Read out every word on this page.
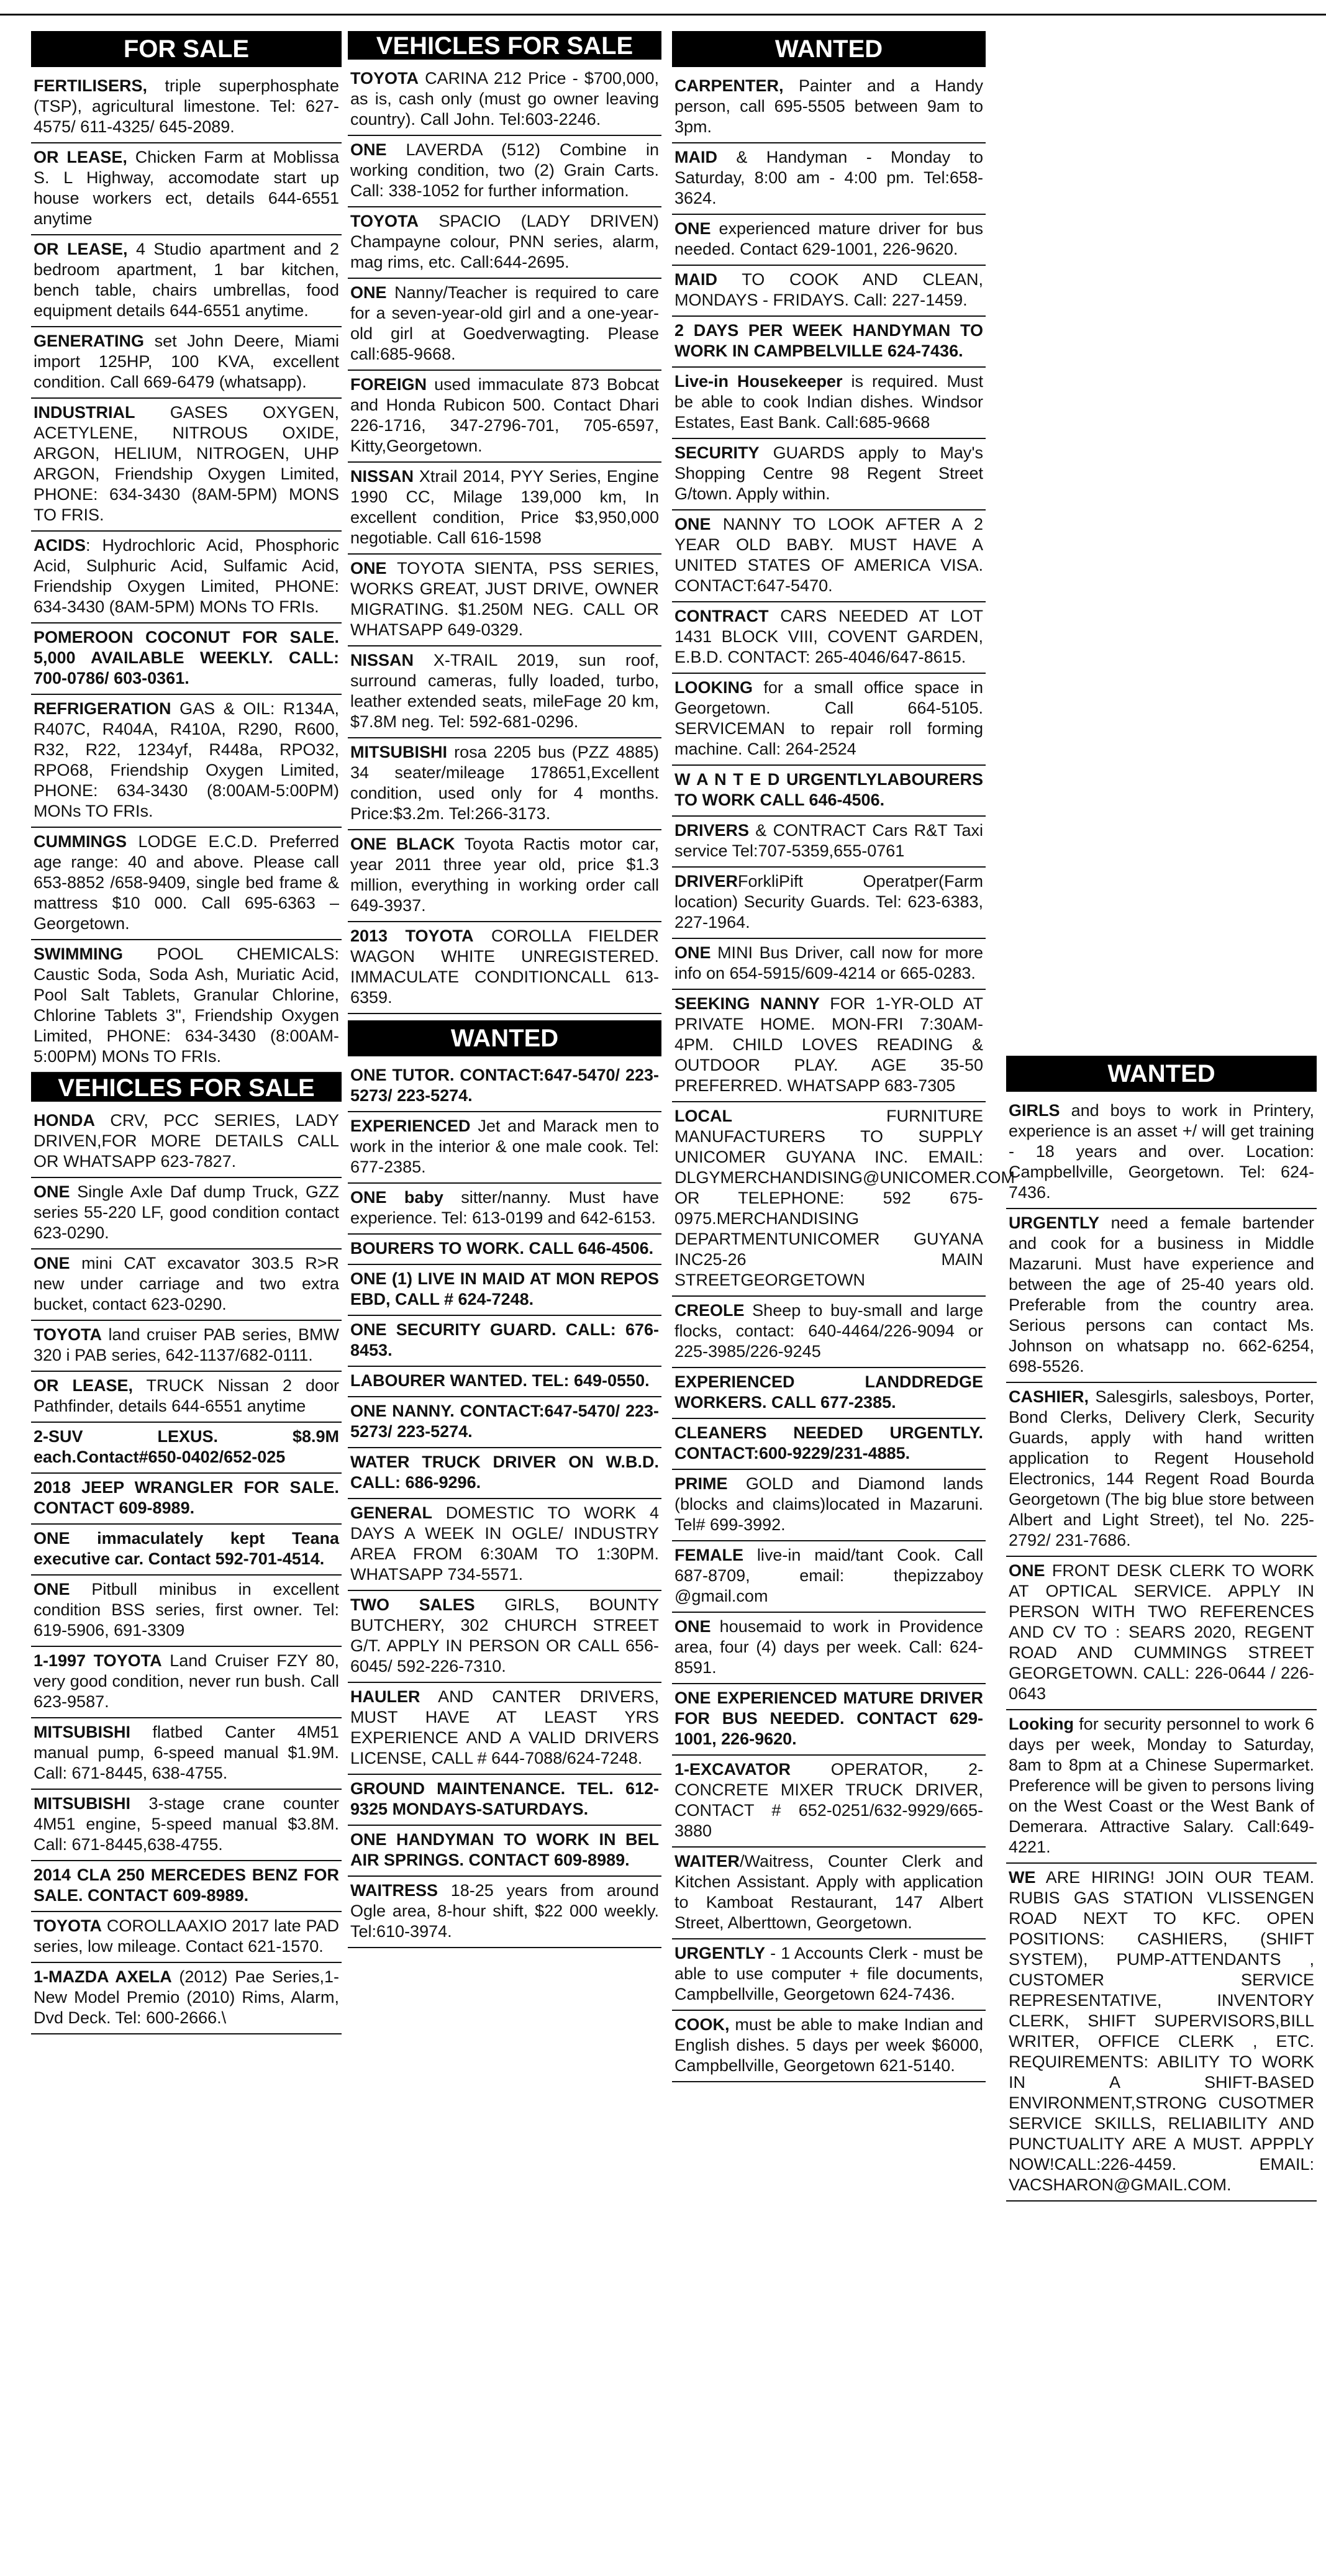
FOR SALE
FERTILISERS, triple superphosphate (TSP), agricultural limestone. Tel: 627-4575/ 611-4325/ 645-2089.
OR LEASE, Chicken Farm at Moblissa S. L Highway, accomodate start up house workers ect, details 644-6551 anytime
OR LEASE, 4 Studio apartment and 2 bedroom apartment, 1 bar kitchen, bench table, chairs umbrellas, food equipment details 644-6551 anytime.
GENERATING set John Deere, Miami import 125HP, 100 KVA, excellent condition. Call 669-6479 (whatsapp).
INDUSTRIAL GASES OXYGEN, ACETYLENE, NITROUS OXIDE, ARGON, HELIUM, NITROGEN, UHP ARGON, Friendship Oxygen Limited, PHONE: 634-3430 (8AM-5PM) MONS TO FRIS.
ACIDS: Hydrochloric Acid, Phosphoric Acid, Sulphuric Acid, Sulfamic Acid, Friendship Oxygen Limited, PHONE: 634-3430 (8AM-5PM) MONs TO FRIs.
POMEROON COCONUT FOR SALE. 5,000 AVAILABLE WEEKLY. CALL: 700-0786/ 603-0361.
REFRIGERATION GAS & OIL: R134A, R407C, R404A, R410A, R290, R600, R32, R22, 1234yf, R448a, RPO32, RPO68, Friendship Oxygen Limited, PHONE: 634-3430 (8:00AM-5:00PM) MONs TO FRIs.
CUMMINGS LODGE E.C.D. Preferred age range: 40 and above. Please call 653-8852 /658-9409, single bed frame & mattress $10 000. Call 695-6363 – Georgetown.
SWIMMING POOL CHEMICALS: Caustic Soda, Soda Ash, Muriatic Acid, Pool Salt Tablets, Granular Chlorine, Chlorine Tablets 3", Friendship Oxygen Limited, PHONE: 634-3430 (8:00AM-5:00PM) MONs TO FRIs.
VEHICLES FOR SALE
HONDA CRV, PCC SERIES, LADY DRIVEN,FOR MORE DETAILS CALL OR WHATSAPP 623-7827.
ONE Single Axle Daf dump Truck, GZZ series 55-220 LF, good condition contact 623-0290.
ONE mini CAT excavator 303.5 R>R new under carriage and two extra bucket, contact 623-0290.
TOYOTA land cruiser PAB series, BMW 320 i PAB series, 642-1137/682-0111.
OR LEASE, TRUCK Nissan 2 door Pathfinder, details 644-6551 anytime
2-SUV LEXUS. $8.9M each.Contact#650-0402/652-025
2018 JEEP WRANGLER FOR SALE. CONTACT 609-8989.
ONE immaculately kept Teana executive car. Contact 592-701-4514.
ONE Pitbull minibus in excellent condition BSS series, first owner. Tel: 619-5906, 691-3309
1-1997 TOYOTA Land Cruiser FZY 80, very good condition, never run bush. Call 623-9587.
MITSUBISHI flatbed Canter 4M51 manual pump, 6-speed manual $1.9M. Call: 671-8445, 638-4755.
MITSUBISHI 3-stage crane counter 4M51 engine, 5-speed manual $3.8M. Call: 671-8445,638-4755.
2014 CLA 250 MERCEDES BENZ FOR SALE. CONTACT 609-8989.
TOYOTA COROLLAAXIO 2017 late PAD series, low mileage. Contact 621-1570.
1-MAZDA AXELA (2012) Pae Series,1- New Model Premio (2010) Rims, Alarm, Dvd Deck. Tel: 600-2666.\
VEHICLES FOR SALE
TOYOTA CARINA 212 Price - $700,000, as is, cash only (must go owner leaving country). Call John. Tel:603-2246.
ONE LAVERDA (512) Combine in working condition, two (2) Grain Carts. Call: 338-1052 for further information.
TOYOTA SPACIO (LADY DRIVEN) Champayne colour, PNN series, alarm, mag rims, etc. Call:644-2695.
ONE Nanny/Teacher is required to care for a seven-year-old girl and a one-year-old girl at Goedverwagting. Please call:685-9668.
FOREIGN used immaculate 873 Bobcat and Honda Rubicon 500. Contact Dhari 226-1716, 347-2796-701, 705-6597, Kitty,Georgetown.
NISSAN Xtrail 2014, PYY Series, Engine 1990 CC, Milage 139,000 km, In excellent condition, Price $3,950,000 negotiable. Call 616-1598
ONE TOYOTA SIENTA, PSS SERIES, WORKS GREAT, JUST DRIVE, OWNER MIGRATING. $1.250M NEG. CALL OR WHATSAPP 649-0329.
NISSAN X-TRAIL 2019, sun roof, surround cameras, fully loaded, turbo, leather extended seats, mileFage 20 km, $7.8M neg. Tel: 592-681-0296.
MITSUBISHI rosa 2205 bus (PZZ 4885) 34 seater/mileage 178651,Excellent condition, used only for 4 months. Price:$3.2m. Tel:266-3173.
ONE BLACK Toyota Ractis motor car, year 2011 three year old, price $1.3 million, everything in working order call 649-3937.
2013 TOYOTA COROLLA FIELDER WAGON WHITE UNREGISTERED. IMMACULATE CONDITIONCALL 613-6359.
WANTED
ONE TUTOR. CONTACT:647-5470/ 223-5273/ 223-5274.
EXPERIENCED Jet and Marack men to work in the interior & one male cook. Tel: 677-2385.
ONE baby sitter/nanny. Must have experience. Tel: 613-0199 and 642-6153.
BOURERS TO WORK. CALL 646-4506.
ONE (1) LIVE IN MAID AT MON REPOS EBD, CALL # 624-7248.
ONE SECURITY GUARD. CALL: 676-8453.
LABOURER WANTED. TEL: 649-0550.
ONE NANNY. CONTACT:647-5470/ 223-5273/ 223-5274.
WATER TRUCK DRIVER ON W.B.D. CALL: 686-9296.
GENERAL DOMESTIC TO WORK 4 DAYS A WEEK IN OGLE/ INDUSTRY AREA FROM 6:30AM TO 1:30PM. WHATSAPP 734-5571.
TWO SALES GIRLS, BOUNTY BUTCHERY, 302 CHURCH STREET G/T. APPLY IN PERSON OR CALL 656-6045/ 592-226-7310.
HAULER AND CANTER DRIVERS, MUST HAVE AT LEAST YRS EXPERIENCE AND A VALID DRIVERS LICENSE, CALL # 644-7088/624-7248.
GROUND MAINTENANCE. TEL. 612-9325 MONDAYS-SATURDAYS.
ONE HANDYMAN TO WORK IN BEL AIR SPRINGS. CONTACT 609-8989.
WAITRESS 18-25 years from around Ogle area, 8-hour shift, $22 000 weekly. Tel:610-3974.
WANTED
CARPENTER, Painter and a Handy person, call 695-5505 between 9am to 3pm.
MAID & Handyman - Monday to Saturday, 8:00 am - 4:00 pm. Tel:658-3624.
ONE experienced mature driver for bus needed. Contact 629-1001, 226-9620.
MAID TO COOK AND CLEAN, MONDAYS - FRIDAYS. Call: 227-1459.
2 DAYS PER WEEK HANDYMAN TO WORK IN CAMPBELVILLE 624-7436.
Live-in Housekeeper is required. Must be able to cook Indian dishes. Windsor Estates, East Bank. Call:685-9668
SECURITY GUARDS apply to May's Shopping Centre 98 Regent Street G/town. Apply within.
ONE NANNY TO LOOK AFTER A 2 YEAR OLD BABY. MUST HAVE A UNITED STATES OF AMERICA VISA. CONTACT:647-5470.
CONTRACT CARS NEEDED AT LOT 1431 BLOCK VIII, COVENT GARDEN, E.B.D. CONTACT: 265-4046/647-8615.
LOOKING for a small office space in Georgetown. Call 664-5105. SERVICEMAN to repair roll forming machine. Call: 264-2524
W A N T E D URGENTLYLABOURERS TO WORK CALL 646-4506.
DRIVERS & CONTRACT Cars R&T Taxi service Tel:707-5359,655-0761
DRIVERForkliPift Operatper(Farm location) Security Guards. Tel: 623-6383, 227-1964.
ONE MINI Bus Driver, call now for more info on 654-5915/609-4214 or 665-0283.
SEEKING NANNY FOR 1-YR-OLD AT PRIVATE HOME. MON-FRI 7:30AM-4PM. CHILD LOVES READING & OUTDOOR PLAY. AGE 35-50 PREFERRED. WHATSAPP 683-7305
LOCAL FURNITURE MANUFACTURERS TO SUPPLY UNICOMER GUYANA INC. EMAIL: DLGYMERCHANDISING@UNICOMER.COM OR TELEPHONE: 592 675-0975.MERCHANDISING DEPARTMENTUNICOMER GUYANA INC25-26 MAIN STREETGEORGETOWN
CREOLE Sheep to buy-small and large flocks, contact: 640-4464/226-9094 or 225-3985/226-9245
EXPERIENCED LANDDREDGE WORKERS. CALL 677-2385.
CLEANERS NEEDED URGENTLY. CONTACT:600-9229/231-4885.
PRIME GOLD and Diamond lands (blocks and claims)located in Mazaruni. Tel# 699-3992.
FEMALE live-in maid/tant Cook. Call 687-8709, email: thepizzaboy @gmail.com
ONE housemaid to work in Providence area, four (4) days per week. Call: 624-8591.
ONE EXPERIENCED MATURE DRIVER FOR BUS NEEDED. CONTACT 629-1001, 226-9620.
1-EXCAVATOR OPERATOR, 2- CONCRETE MIXER TRUCK DRIVER, CONTACT # 652-0251/632-9929/665-3880
WAITER/Waitress, Counter Clerk and Kitchen Assistant. Apply with application to Kamboat Restaurant, 147 Albert Street, Alberttown, Georgetown.
URGENTLY - 1 Accounts Clerk - must be able to use computer + file documents, Campbellville, Georgetown 624-7436.
COOK, must be able to make Indian and English dishes. 5 days per week $6000, Campbellville, Georgetown 621-5140.
WANTED
GIRLS and boys to work in Printery, experience is an asset +/ will get training - 18 years and over. Location: Campbellville, Georgetown. Tel: 624-7436.
URGENTLY need a female bartender and cook for a business in Middle Mazaruni. Must have experience and between the age of 25-40 years old. Preferable from the country area. Serious persons can contact Ms. Johnson on whatsapp no. 662-6254, 698-5526.
CASHIER, Salesgirls, salesboys, Porter, Bond Clerks, Delivery Clerk, Security Guards, apply with hand written application to Regent Household Electronics, 144 Regent Road Bourda Georgetown (The big blue store between Albert and Light Street), tel No. 225-2792/ 231-7686.
ONE FRONT DESK CLERK TO WORK AT OPTICAL SERVICE. APPLY IN PERSON WITH TWO REFERENCES AND CV TO : SEARS 2020, REGENT ROAD AND CUMMINGS STREET GEORGETOWN. CALL: 226-0644 / 226-0643
Looking for security personnel to work 6 days per week, Monday to Saturday, 8am to 8pm at a Chinese Supermarket. Preference will be given to persons living on the West Coast or the West Bank of Demerara. Attractive Salary. Call:649-4221.
WE ARE HIRING! JOIN OUR TEAM. RUBIS GAS STATION VLISSENGEN ROAD NEXT TO KFC. OPEN POSITIONS: CASHIERS, (SHIFT SYSTEM), PUMP-ATTENDANTS , CUSTOMER SERVICE REPRESENTATIVE, INVENTORY CLERK, SHIFT SUPERVISORS,BILL WRITER, OFFICE CLERK , ETC. REQUIREMENTS: ABILITY TO WORK IN A SHIFT-BASED ENVIRONMENT,STRONG CUSOTMER SERVICE SKILLS, RELIABILITY AND PUNCTUALITY ARE A MUST. APPPLY NOW!CALL:226-4459. EMAIL: VACSHARON@GMAIL.COM.
